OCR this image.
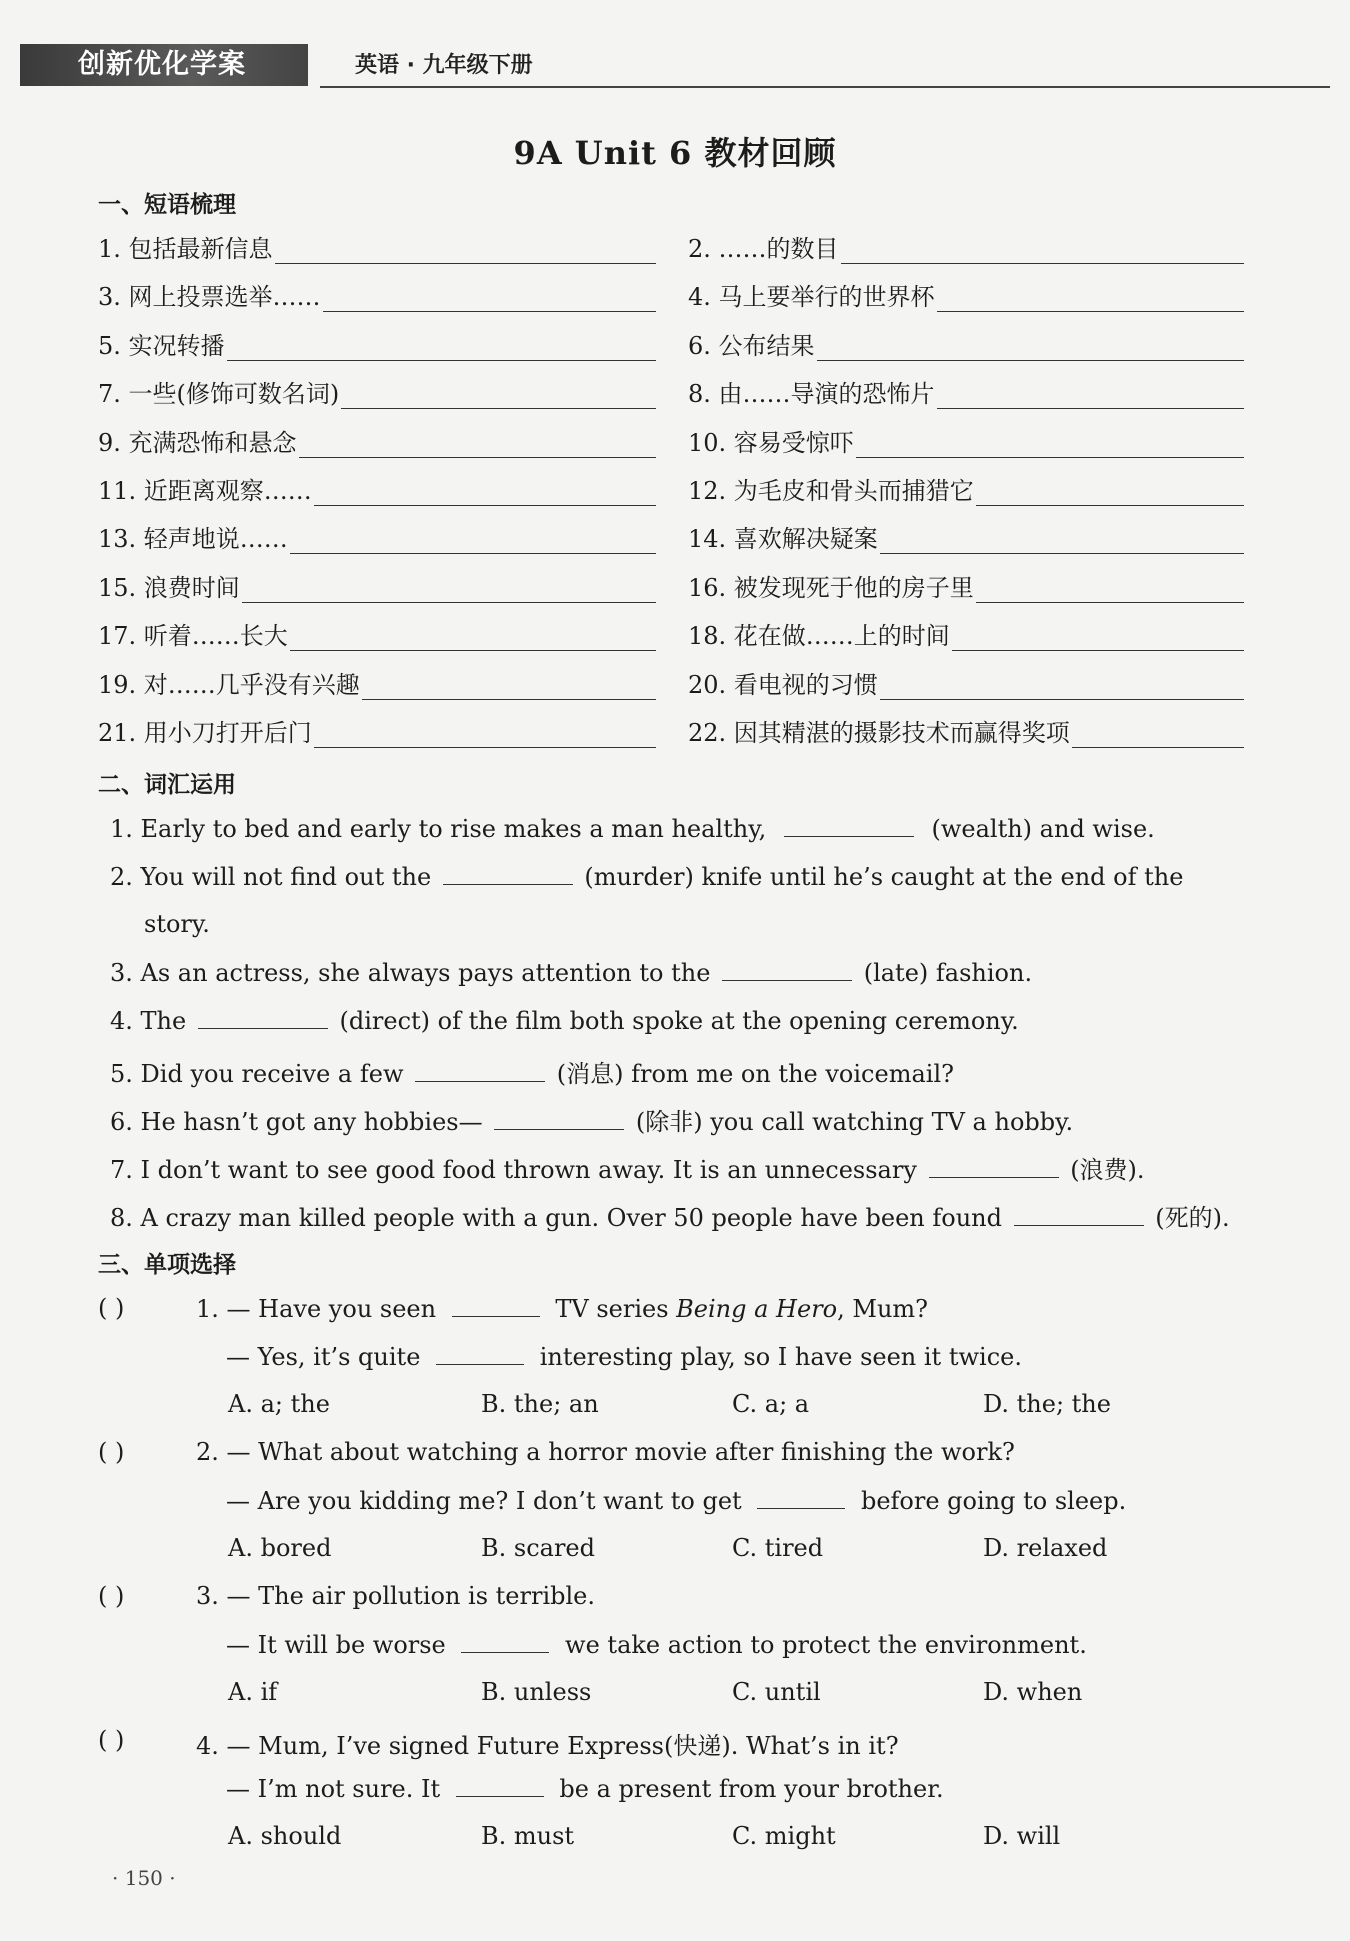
创新优化学案	英语 · 九年级下册
9A Unit 6 教材回顾
一、短语梳理
1. 包括最新信息	2. ……的数目
3. 网上投票选举……	4. 马上要举行的世界杯
5. 实况转播	6. 公布结果
7. 一些(修饰可数名词)	8. 由……导演的恐怖片
9. 充满恐怖和悬念	10. 容易受惊吓
11. 近距离观察……	12. 为毛皮和骨头而捕猎它
13. 轻声地说……	14. 喜欢解决疑案
15. 浪费时间	16. 被发现死于他的房子里
17. 听着……长大	18. 花在做……上的时间
19. 对……几乎没有兴趣	20. 看电视的习惯
21. 用小刀打开后门	22. 因其精湛的摄影技术而赢得奖项
二、词汇运用
1. Early to bed and early to rise makes a man healthy,	(wealth) and wise.
2. You will not find out the	(murder) knife until he’s caught at the end of the
story.
3. As an actress, she always pays attention to the	(late) fashion.
4. The	(direct) of the film both spoke at the opening ceremony.
5. Did you receive a few	(消息) from me on the voicemail?
6. He hasn’t got any hobbies—	(除非) you call watching TV a hobby.
7. I don’t want to see good food thrown away. It is an unnecessary	(浪费).
8. A crazy man killed people with a gun. Over 50 people have been found	(死的).
三、单项选择
( )	1. — Have you seen	TV series Being a Hero, Mum?
— Yes, it’s quite	interesting play, so I have seen it twice.
A. a; the	B. the; an	C. a; a	D. the; the
( )	2. — What about watching a horror movie after finishing the work?
— Are you kidding me? I don’t want to get	before going to sleep.
A. bored	B. scared	C. tired	D. relaxed
( )	3. — The air pollution is terrible.
— It will be worse	we take action to protect the environment.
A. if	B. unless	C. until	D. when
( )	4. — Mum, I’ve signed Future Express(快递). What’s in it?
— I’m not sure. It	be a present from your brother.
A. should	B. must	C. might	D. will
· 150 ·
